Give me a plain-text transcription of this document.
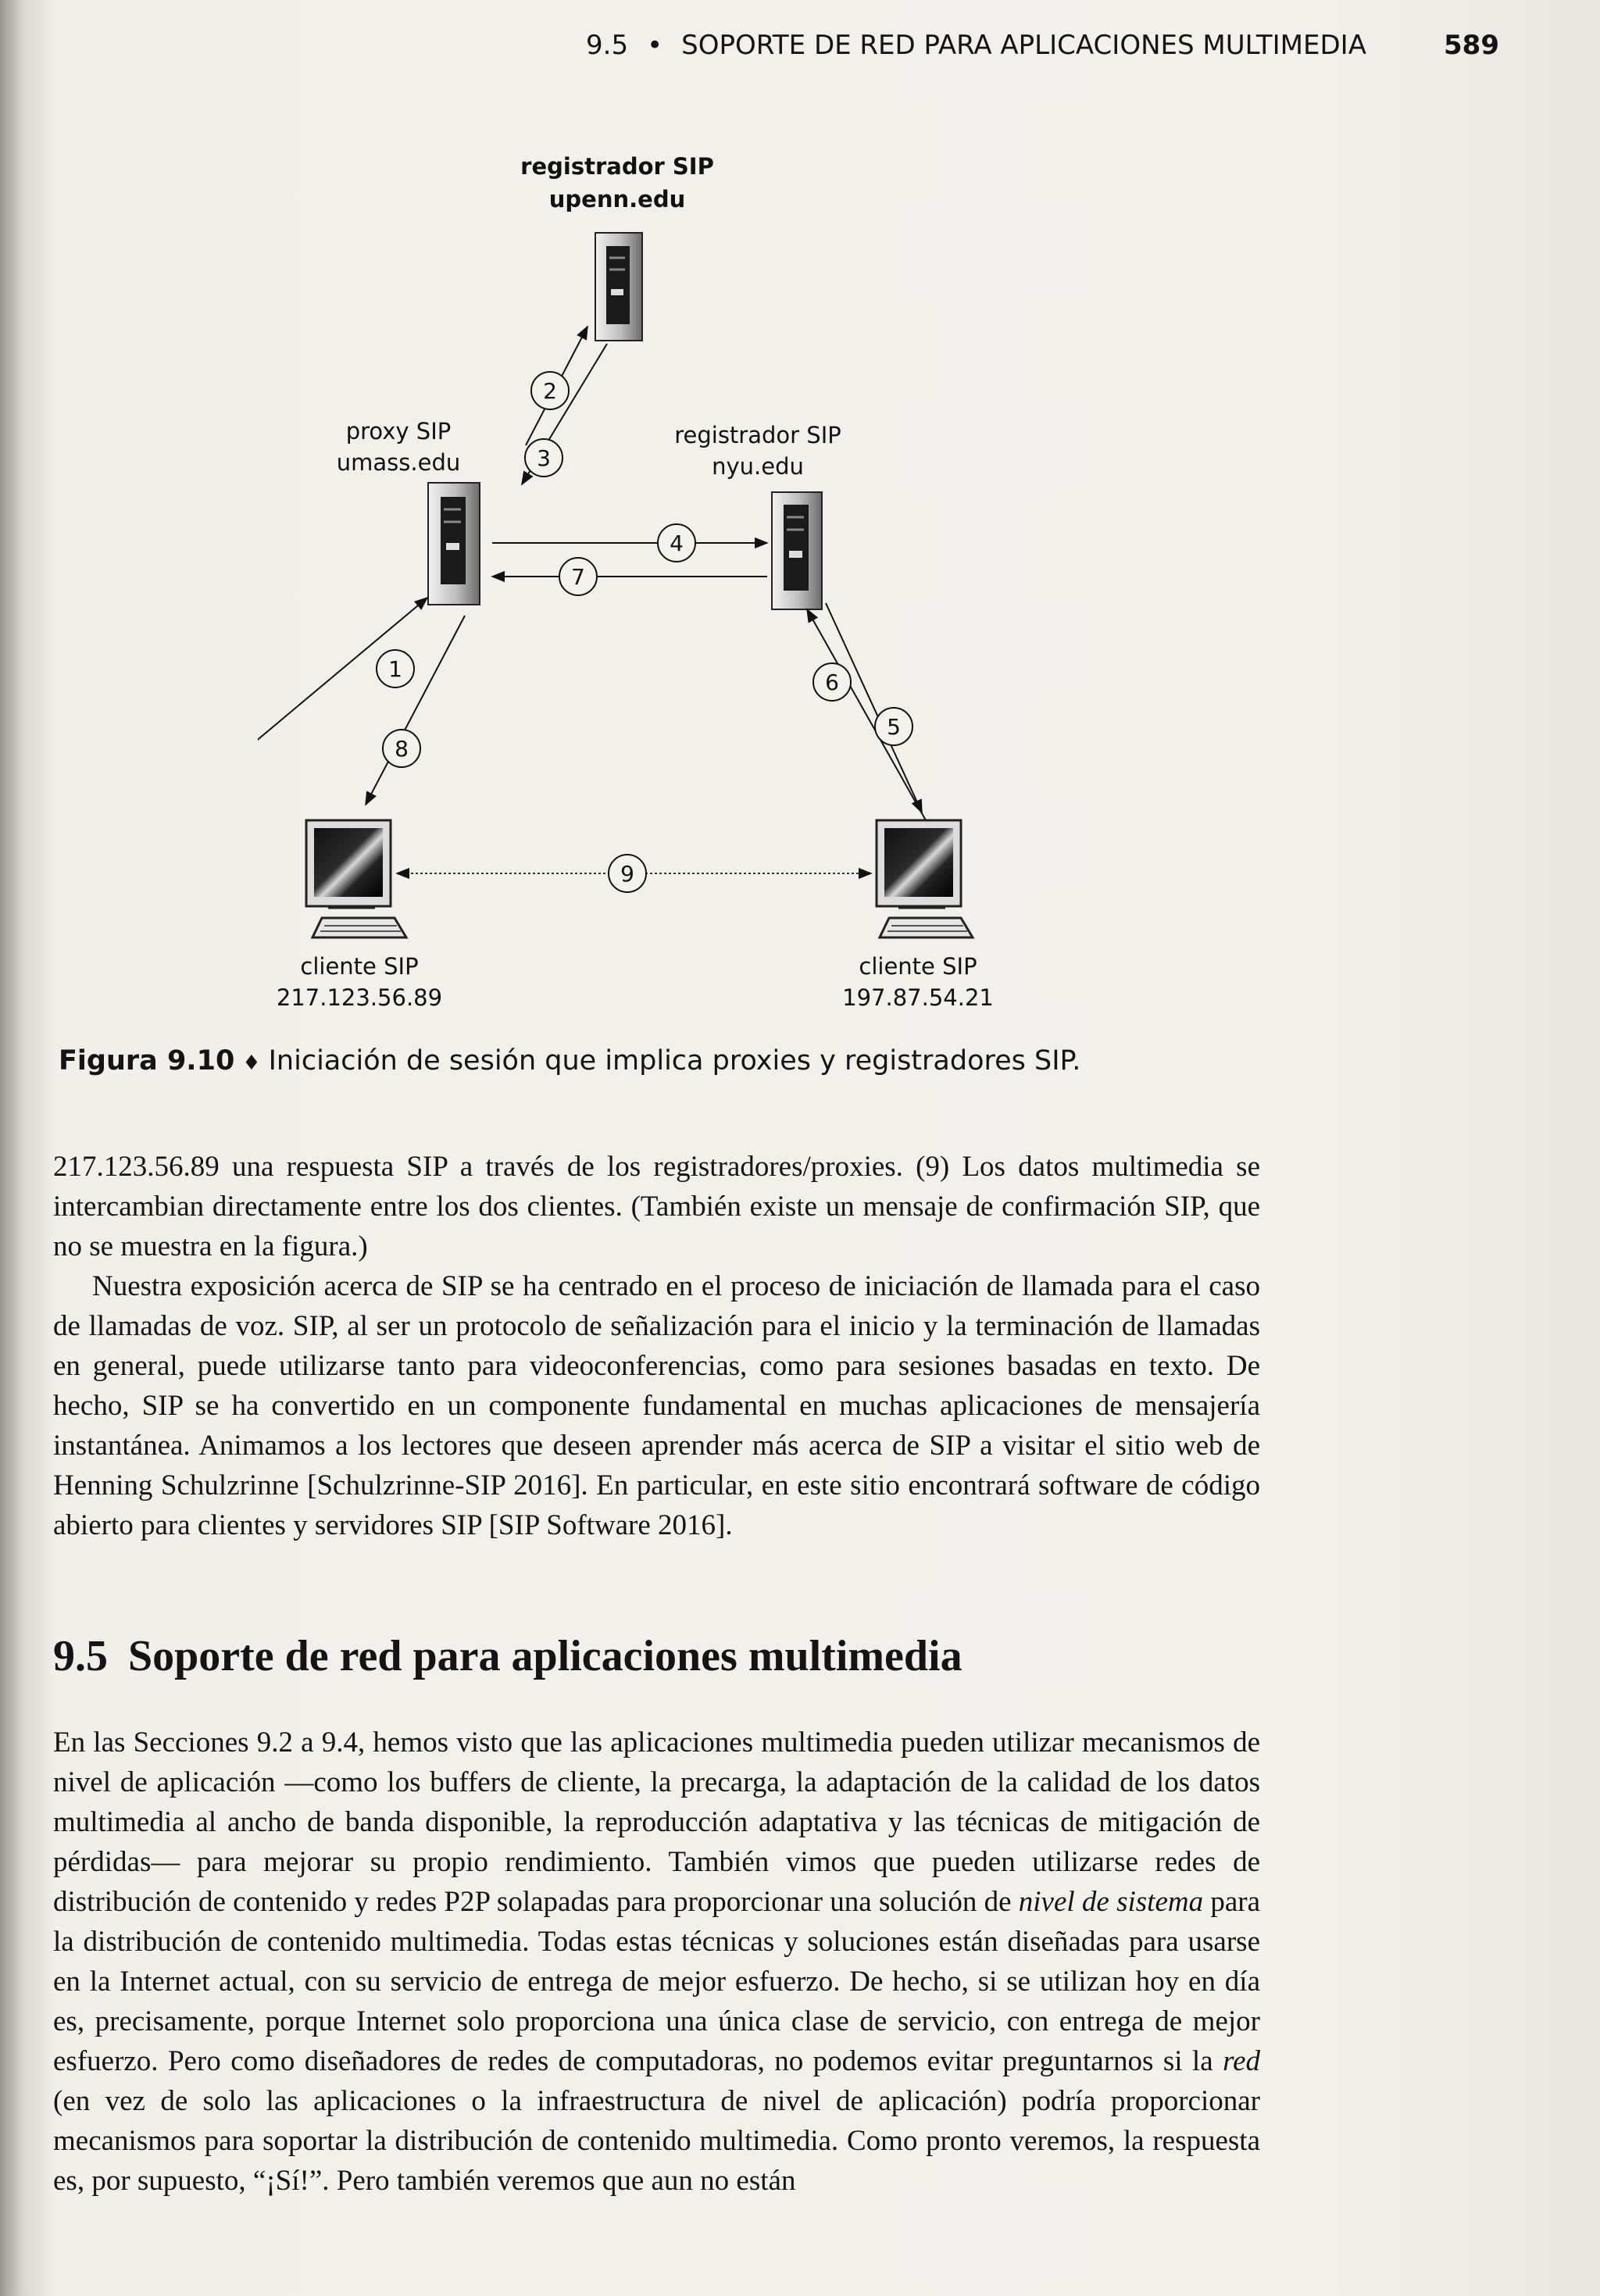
9.5 • SOPORTE DE RED PARA APLICACIONES MULTIMEDIA	589
registrador SIP
upenn.edu
proxy SIP
umass.edu
registrador SIP
nyu.edu
cliente SIP
217.123.56.89
cliente SIP
197.87.54.21
1
2
3
4
5
6
7
8
9
Figura 9.10 ♦ Iniciación de sesión que implica proxies y registradores SIP.

217.123.56.89 una respuesta SIP a través de los registradores/proxies. (9) Los datos multimedia se intercambian directamente entre los dos clientes. (También existe un mensaje de confirmación SIP, que no se muestra en la figura.)

Nuestra exposición acerca de SIP se ha centrado en el proceso de iniciación de llamada para el caso de llamadas de voz. SIP, al ser un protocolo de señalización para el inicio y la terminación de llamadas en general, puede utilizarse tanto para videoconferencias, como para sesiones basadas en texto. De hecho, SIP se ha convertido en un componente fundamental en muchas aplicaciones de mensajería instantánea. Animamos a los lectores que deseen aprender más acerca de SIP a visitar el sitio web de Henning Schulzrinne [Schulzrinne-SIP 2016]. En particular, en este sitio encontrará software de código abierto para clientes y servidores SIP [SIP Software 2016].

9.5 Soporte de red para aplicaciones multimedia

En las Secciones 9.2 a 9.4, hemos visto que las aplicaciones multimedia pueden utilizar mecanismos de nivel de aplicación —como los buffers de cliente, la precarga, la adaptación de la calidad de los datos multimedia al ancho de banda disponible, la reproducción adaptativa y las técnicas de mitigación de pérdidas— para mejorar su propio rendimiento. También vimos que pueden utilizarse redes de distribución de contenido y redes P2P solapadas para proporcionar una solución de nivel de sistema para la distribución de contenido multimedia. Todas estas técnicas y soluciones están diseñadas para usarse en la Internet actual, con su servicio de entrega de mejor esfuerzo. De hecho, si se utilizan hoy en día es, precisamente, porque Internet solo proporciona una única clase de servicio, con entrega de mejor esfuerzo. Pero como diseñadores de redes de computadoras, no podemos evitar preguntarnos si la red (en vez de solo las aplicaciones o la infraestructura de nivel de aplicación) podría proporcionar mecanismos para soportar la distribución de contenido multimedia. Como pronto veremos, la respuesta es, por supuesto, “¡Sí!”. Pero también veremos que aun no están
